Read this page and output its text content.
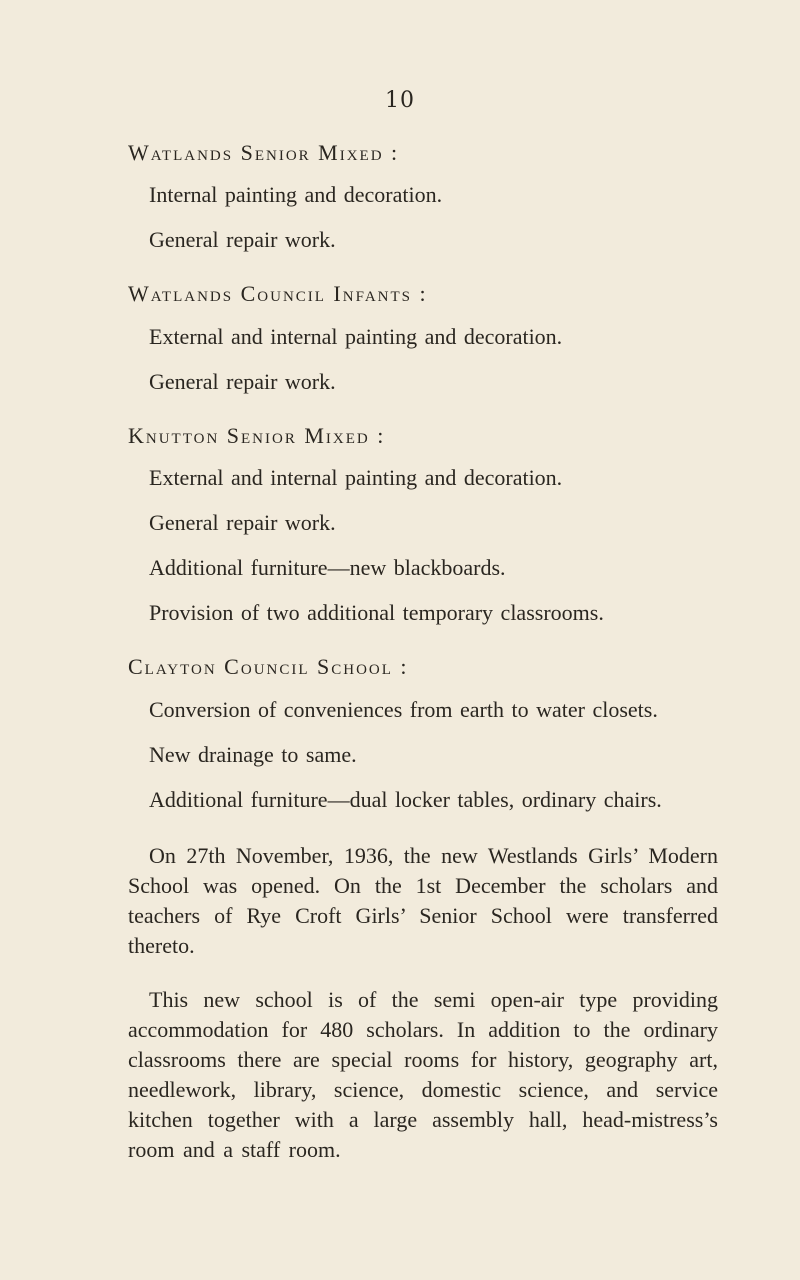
10
Watlands Senior Mixed :
Internal painting and decoration.
General repair work.
Watlands Council Infants :
External and internal painting and decoration.
General repair work.
Knutton Senior Mixed :
External and internal painting and decoration.
General repair work.
Additional furniture—new blackboards.
Provision of two additional temporary classrooms.
Clayton Council School :
Conversion of conveniences from earth to water closets.
New drainage to same.
Additional furniture—dual locker tables, ordinary chairs.

On 27th November, 1936, the new Westlands Girls’ Modern School was opened. On the 1st December the scholars and teachers of Rye Croft Girls’ Senior School were transferred thereto.

This new school is of the semi open-air type providing accommodation for 480 scholars. In addition to the ordinary classrooms there are special rooms for history, geography art, needlework, library, science, domestic science, and service kitchen together with a large assembly hall, head-mistress’s room and a staff room.
